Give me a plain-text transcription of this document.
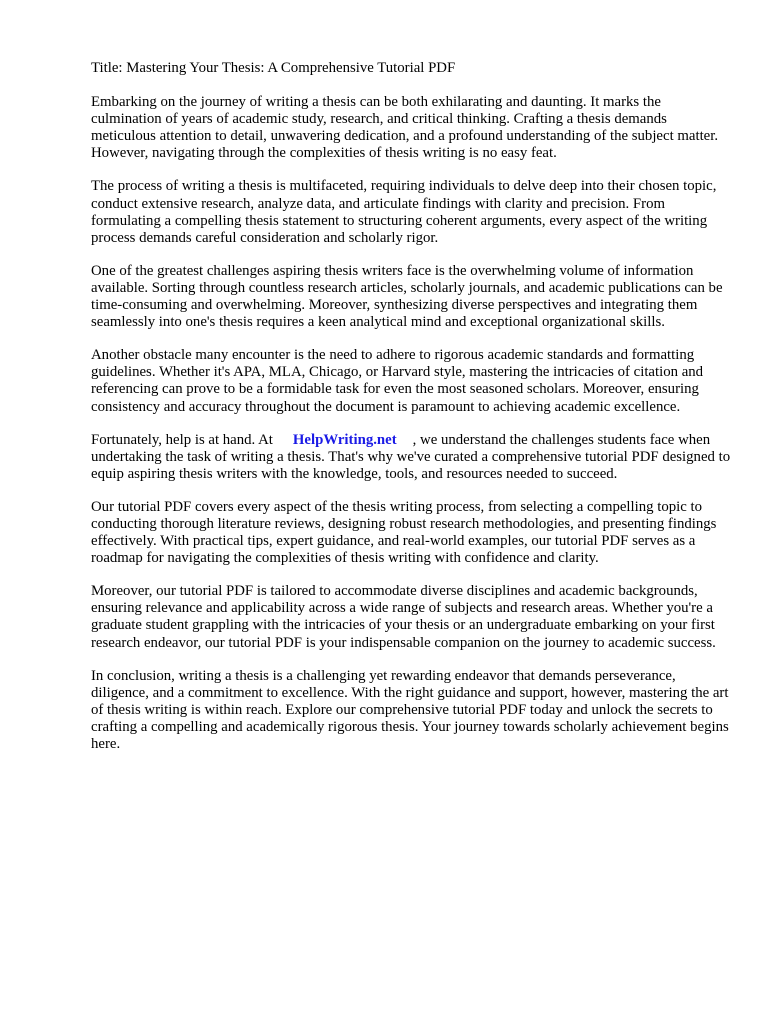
Title: Mastering Your Thesis: A Comprehensive Tutorial PDF

Embarking on the journey of writing a thesis can be both exhilarating and daunting. It marks the culmination of years of academic study, research, and critical thinking. Crafting a thesis demands meticulous attention to detail, unwavering dedication, and a profound understanding of the subject matter. However, navigating through the complexities of thesis writing is no easy feat.

The process of writing a thesis is multifaceted, requiring individuals to delve deep into their chosen topic, conduct extensive research, analyze data, and articulate findings with clarity and precision. From formulating a compelling thesis statement to structuring coherent arguments, every aspect of the writing process demands careful consideration and scholarly rigor.

One of the greatest challenges aspiring thesis writers face is the overwhelming volume of information available. Sorting through countless research articles, scholarly journals, and academic publications can be time-consuming and overwhelming. Moreover, synthesizing diverse perspectives and integrating them seamlessly into one's thesis requires a keen analytical mind and exceptional organizational skills.

Another obstacle many encounter is the need to adhere to rigorous academic standards and formatting guidelines. Whether it's APA, MLA, Chicago, or Harvard style, mastering the intricacies of citation and referencing can prove to be a formidable task for even the most seasoned scholars. Moreover, ensuring consistency and accuracy throughout the document is paramount to achieving academic excellence.

Fortunately, help is at hand. At HelpWriting.net , we understand the challenges students face when undertaking the task of writing a thesis. That's why we've curated a comprehensive tutorial PDF designed to equip aspiring thesis writers with the knowledge, tools, and resources needed to succeed.

Our tutorial PDF covers every aspect of the thesis writing process, from selecting a compelling topic to conducting thorough literature reviews, designing robust research methodologies, and presenting findings effectively. With practical tips, expert guidance, and real-world examples, our tutorial PDF serves as a roadmap for navigating the complexities of thesis writing with confidence and clarity.

Moreover, our tutorial PDF is tailored to accommodate diverse disciplines and academic backgrounds, ensuring relevance and applicability across a wide range of subjects and research areas. Whether you're a graduate student grappling with the intricacies of your thesis or an undergraduate embarking on your first research endeavor, our tutorial PDF is your indispensable companion on the journey to academic success.

In conclusion, writing a thesis is a challenging yet rewarding endeavor that demands perseverance, diligence, and a commitment to excellence. With the right guidance and support, however, mastering the art of thesis writing is within reach. Explore our comprehensive tutorial PDF today and unlock the secrets to crafting a compelling and academically rigorous thesis. Your journey towards scholarly achievement begins here.
